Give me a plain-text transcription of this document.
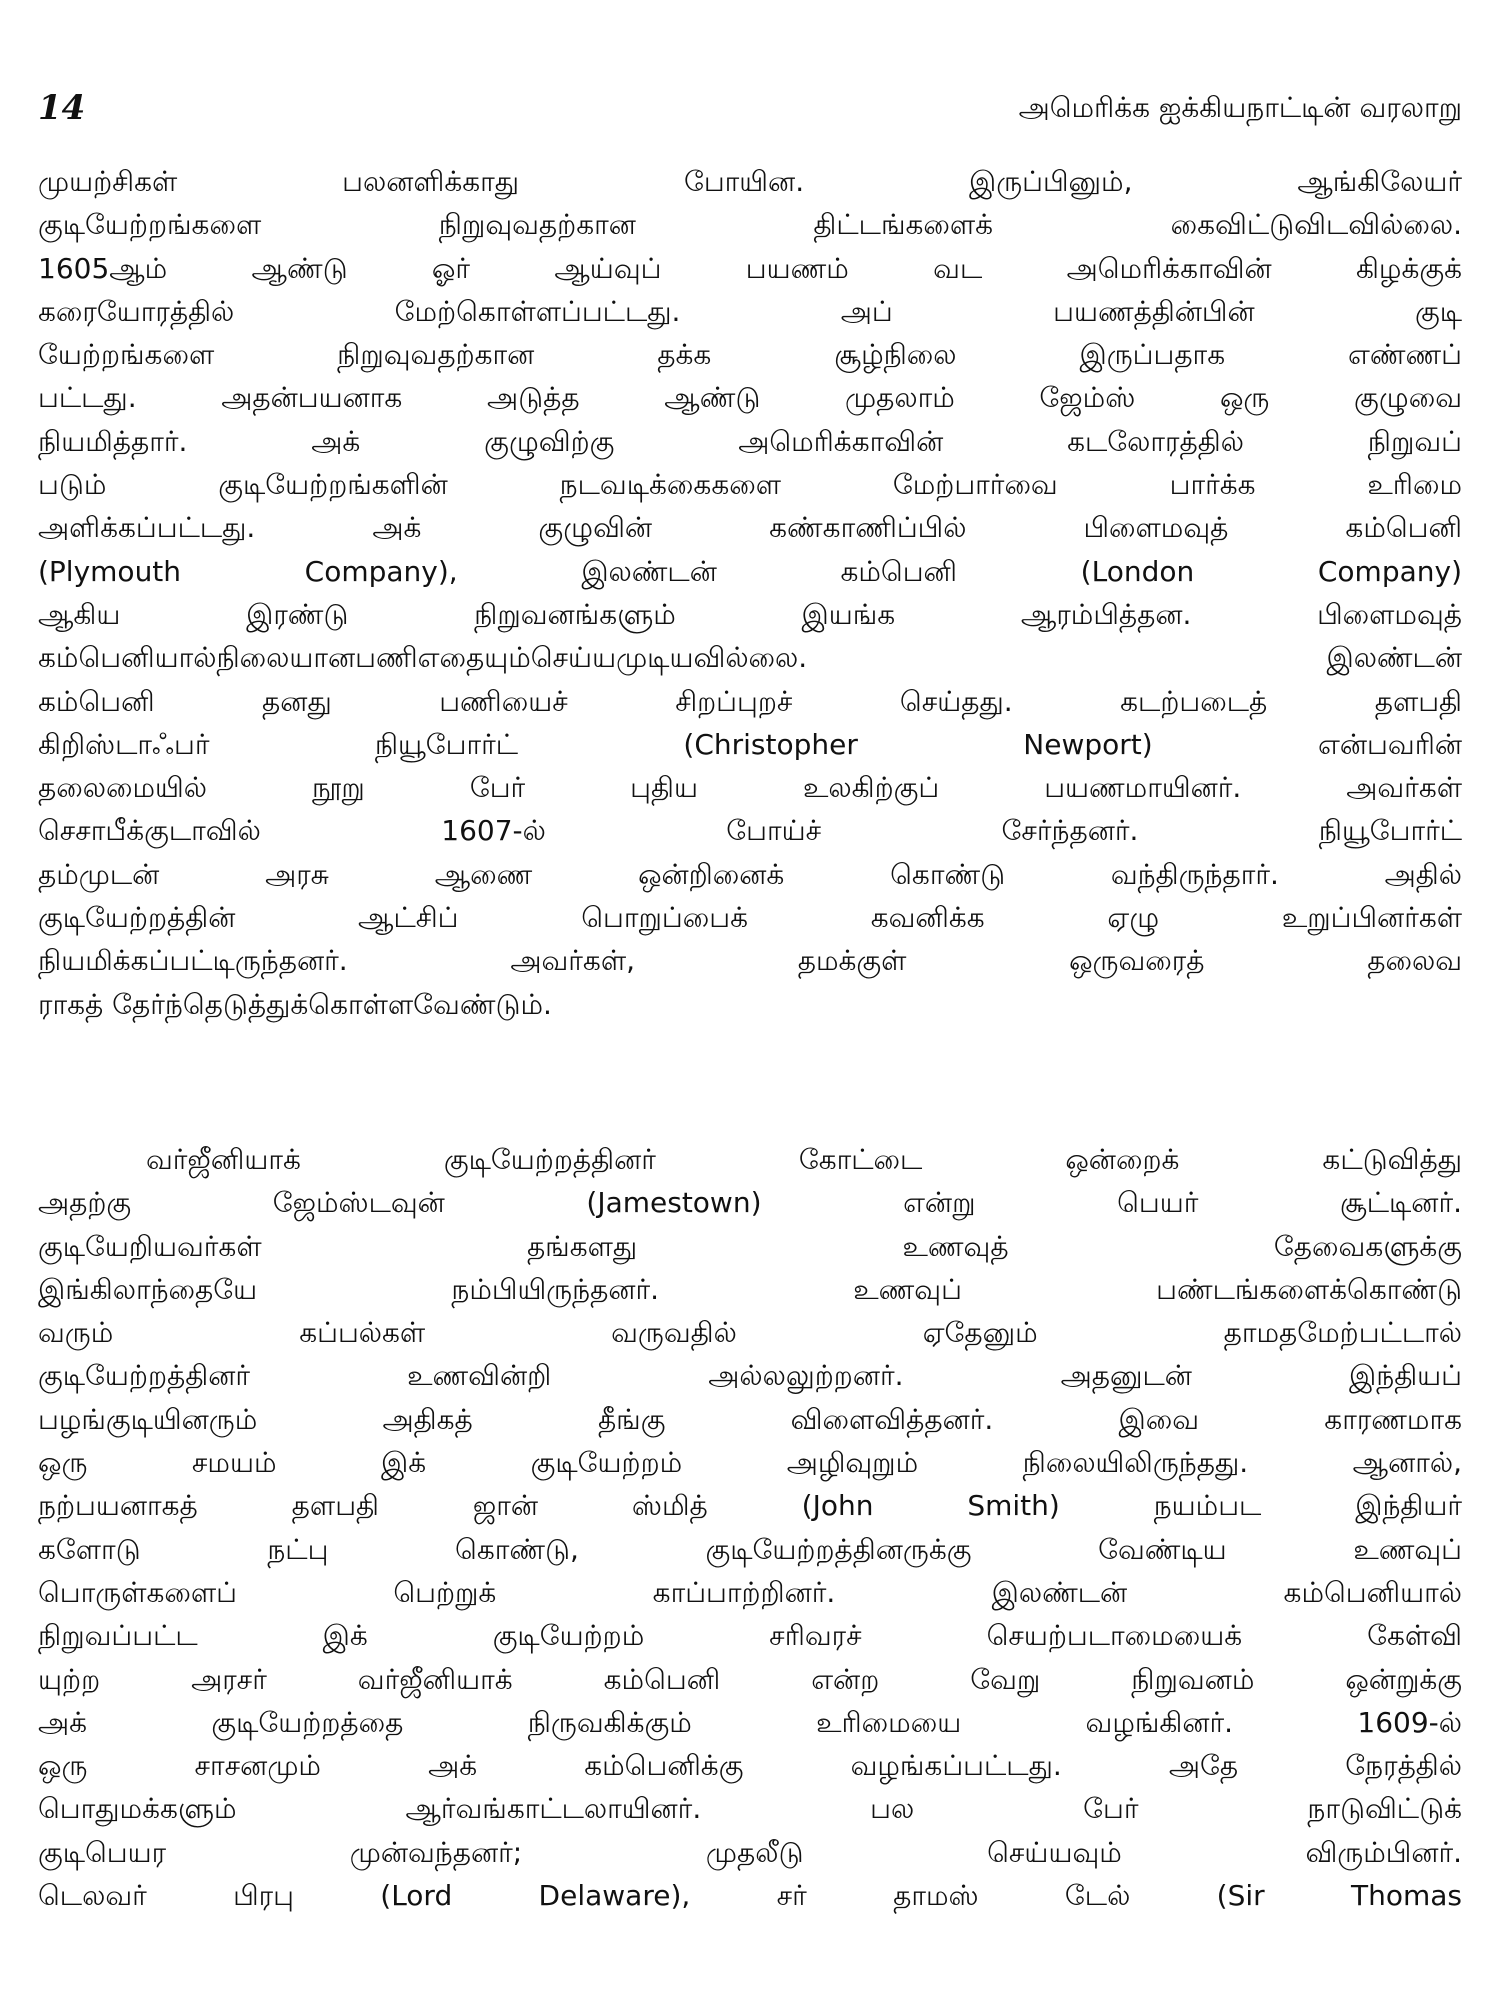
14	அமெரிக்க ஐக்கியநாட்டின் வரலாறு
முயற்சிகள் பலனளிக்காது போயின. இருப்பினும், ஆங்கிலேயர்
குடியேற்றங்களை நிறுவுவதற்கான திட்டங்களைக் கைவிட்டுவிடவில்லை.
1605ஆம் ஆண்டு ஓர் ஆய்வுப் பயணம் வட அமெரிக்காவின் கிழக்குக்
கரையோரத்தில் மேற்கொள்ளப்பட்டது. அப் பயணத்தின்பின் குடி
யேற்றங்களை நிறுவுவதற்கான தக்க சூழ்நிலை இருப்பதாக எண்ணப்
பட்டது. அதன்பயனாக அடுத்த ஆண்டு முதலாம் ஜேம்ஸ் ஒரு குழுவை
நியமித்தார். அக் குழுவிற்கு அமெரிக்காவின் கடலோரத்தில் நிறுவப்
படும் குடியேற்றங்களின் நடவடிக்கைகளை மேற்பார்வை பார்க்க உரிமை
அளிக்கப்பட்டது. அக் குழுவின் கண்காணிப்பில் பிளைமவுத் கம்பெனி
(Plymouth Company), இலண்டன் கம்பெனி (London Company)
ஆகிய இரண்டு நிறுவனங்களும் இயங்க ஆரம்பித்தன. பிளைமவுத்
கம்பெனியால்நிலையானபணிஎதையும்செய்யமுடியவில்லை. இலண்டன்
கம்பெனி தனது பணியைச் சிறப்புறச் செய்தது. கடற்படைத் தளபதி
கிறிஸ்டாஃபர் நியூபோர்ட் (Christopher Newport) என்பவரின்
தலைமையில் நூறு பேர் புதிய உலகிற்குப் பயணமாயினர். அவர்கள்
செசாபீக்குடாவில் 1607-ல் போய்ச் சேர்ந்தனர். நியூபோர்ட்
தம்முடன் அரசு ஆணை ஒன்றினைக் கொண்டு வந்திருந்தார். அதில்
குடியேற்றத்தின் ஆட்சிப் பொறுப்பைக் கவனிக்க ஏழு உறுப்பினர்கள்
நியமிக்கப்பட்டிருந்தனர். அவர்கள், தமக்குள் ஒருவரைத் தலைவ
ராகத் தேர்ந்தெடுத்துக்கொள்ளவேண்டும்.
வர்ஜீனியாக் குடியேற்றத்தினர் கோட்டை ஒன்றைக் கட்டுவித்து
அதற்கு ஜேம்ஸ்டவுன் (Jamestown) என்று பெயர் சூட்டினர்.
குடியேறியவர்கள் தங்களது உணவுத் தேவைகளுக்கு
இங்கிலாந்தையே நம்பியிருந்தனர். உணவுப் பண்டங்களைக்கொண்டு
வரும் கப்பல்கள் வருவதில் ஏதேனும் தாமதமேற்பட்டால்
குடியேற்றத்தினர் உணவின்றி அல்லலுற்றனர். அதனுடன் இந்தியப்
பழங்குடியினரும் அதிகத் தீங்கு விளைவித்தனர். இவை காரணமாக
ஒரு சமயம் இக் குடியேற்றம் அழிவுறும் நிலையிலிருந்தது. ஆனால்,
நற்பயனாகத் தளபதி ஜான் ஸ்மித் (John Smith) நயம்பட இந்தியர்
களோடு நட்பு கொண்டு, குடியேற்றத்தினருக்கு வேண்டிய உணவுப்
பொருள்களைப் பெற்றுக் காப்பாற்றினர். இலண்டன் கம்பெனியால்
நிறுவப்பட்ட இக் குடியேற்றம் சரிவரச் செயற்படாமையைக் கேள்வி
யுற்ற அரசர் வர்ஜீனியாக் கம்பெனி என்ற வேறு நிறுவனம் ஒன்றுக்கு
அக் குடியேற்றத்தை நிருவகிக்கும் உரிமையை வழங்கினர். 1609-ல்
ஒரு சாசனமும் அக் கம்பெனிக்கு வழங்கப்பட்டது. அதே நேரத்தில்
பொதுமக்களும் ஆர்வங்காட்டலாயினர். பல பேர் நாடுவிட்டுக்
குடிபெயர முன்வந்தனர்; முதலீடு செய்யவும் விரும்பினர்.
டெலவர் பிரபு (Lord Delaware), சர் தாமஸ் டேல் (Sir Thomas
